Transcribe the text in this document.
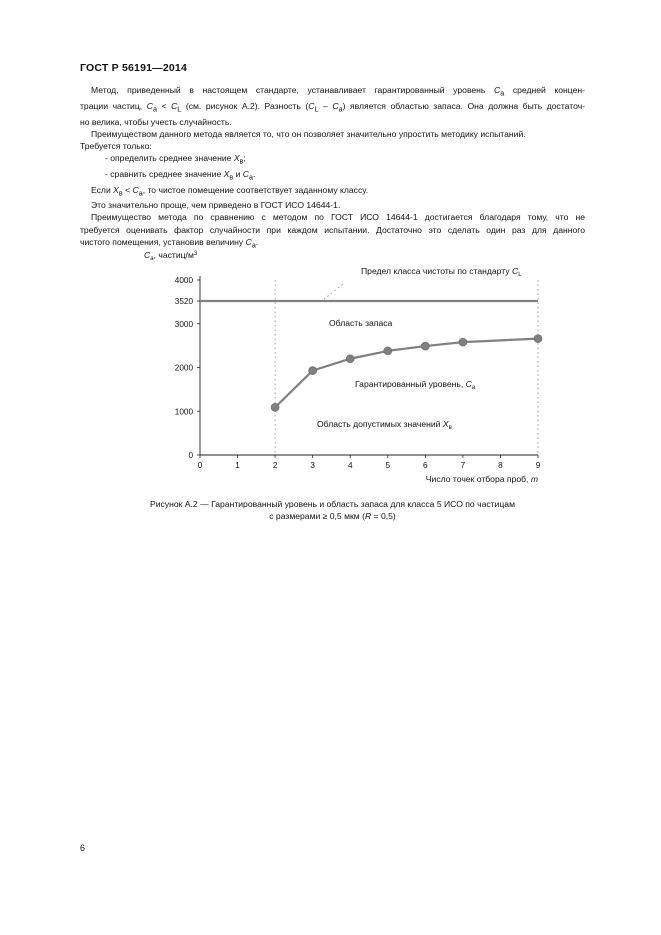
ГОСТ Р 56191—2014

Метод, приведенный в настоящем стандарте, устанавливает гарантированный уровень $C_a$ средней концен-

трации частиц, $C_a < C_L$ (см. рисунок А.2). Разность $(C_L - C_a)$ является областью запаса. Она должна быть достаточ-

но велика, чтобы учесть случайность.

Преимуществом данного метода является то, что он позволяет значительно упростить методику испытаний.

Требуется только:

- определить среднее значение $X_в$;

- сравнить среднее значение $X_в$ и $C_a$.

Если $X_в < C_a$, то чистое помещение соответствует заданному классу.

Это значительно проще, чем приведено в ГОСТ ИСО 14644-1.

Преимущество метода по сравнению с методом по ГОСТ ИСО 14644-1 достигается благодаря тому, что не

требуется оценивать фактор случайности при каждом испытании. Достаточно это сделать один раз для данного

чистого помещения, установив величину $C_a$.

0
1000
2000
3000
3520
4000
0	1	2	3	4	5	6	7	8	9
$C_a$, частиц/$м^3$
Предел класса чистоты по стандарту $C_L$
Область запаса
Гарантированный уровень, $C_a$
Область допустимых значений $X_в$
Число точек отбора проб, m
Рисунок А.2 — Гарантированный уровень и область запаса для класса 5 ИСО по частицам
с размерами ≥ 0,5 мкм (R = 0,5)
6
